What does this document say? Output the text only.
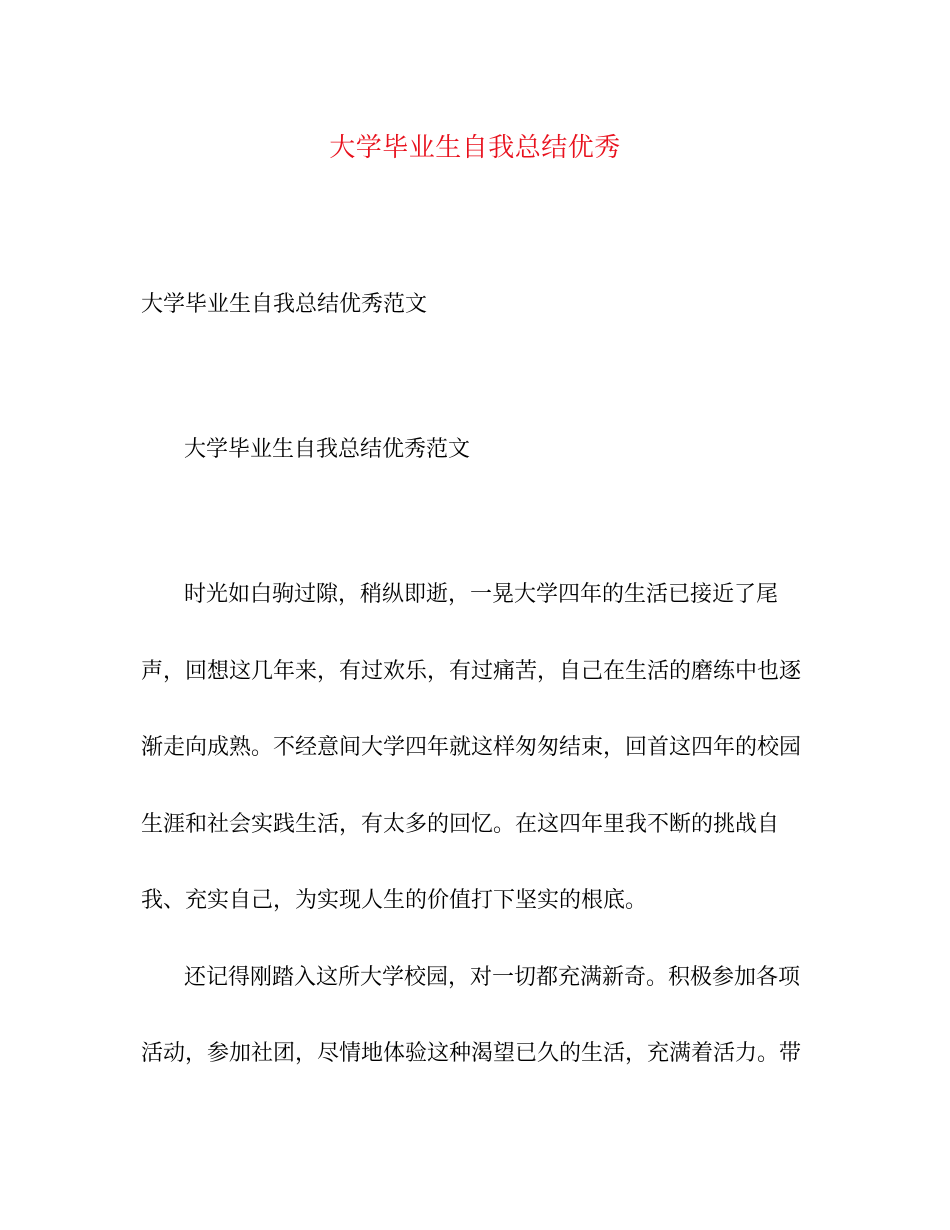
大学毕业生自我总结优秀
大学毕业生自我总结优秀范文
大学毕业生自我总结优秀范文
时光如白驹过隙，稍纵即逝，一晃大学四年的生活已接近了尾
声，回想这几年来，有过欢乐，有过痛苦，自己在生活的磨练中也逐
渐走向成熟。不经意间大学四年就这样匆匆结束，回首这四年的校园
生涯和社会实践生活，有太多的回忆。在这四年里我不断的挑战自
我、充实自己，为实现人生的价值打下坚实的根底。
还记得刚踏入这所大学校园，对一切都充满新奇。积极参加各项
活动，参加社团，尽情地体验这种渴望已久的生活，充满着活力。带
